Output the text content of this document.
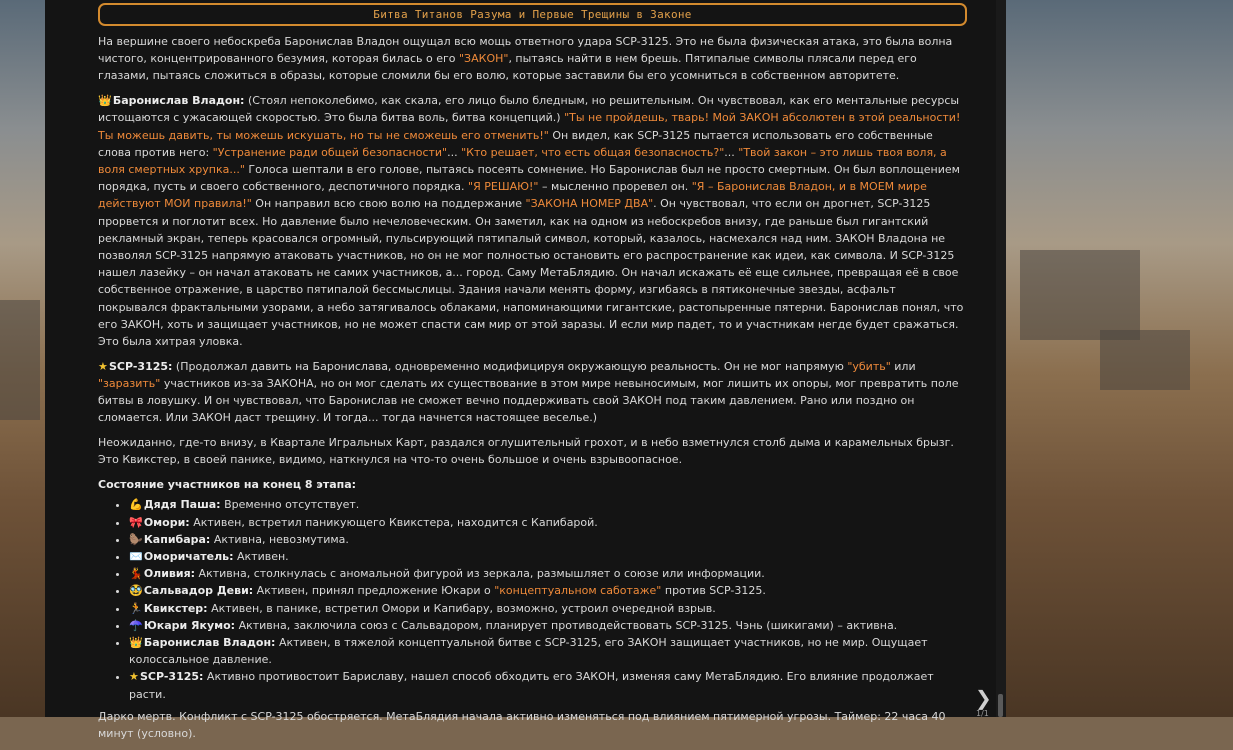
Битва Титанов Разума и Первые Трещины в Законе

На вершине своего небоскреба Баронислав Владон ощущал всю мощь ответного удара SCP-3125. Это не была физическая атака, это была волна чистого, концентрированного безумия, которая билась о его "ЗАКОН", пытаясь найти в нем брешь. Пятипалые символы плясали перед его глазами, пытаясь сложиться в образы, которые сломили бы его волю, которые заставили бы его усомниться в собственном авторитете.

👑 Баронислав Владон: (Стоял непоколебимо, как скала, его лицо было бледным, но решительным. Он чувствовал, как его ментальные ресурсы истощаются с ужасающей скоростью. Это была битва воль, битва концепций.) "Ты не пройдешь, тварь! Мой ЗАКОН абсолютен в этой реальности! Ты можешь давить, ты можешь искушать, но ты не сможешь его отменить!" Он видел, как SCP-3125 пытается использовать его собственные слова против него: "Устранение ради общей безопасности"... "Кто решает, что есть общая безопасность?"... "Твой закон – это лишь твоя воля, а воля смертных хрупка..." Голоса шептали в его голове, пытаясь посеять сомнение. Но Баронислав был не просто смертным. Он был воплощением порядка, пусть и своего собственного, деспотичного порядка. "Я РЕШАЮ!" – мысленно проревел он. "Я – Баронислав Владон, и в МОЕМ мире действуют МОИ правила!" Он направил всю свою волю на поддержание "ЗАКОНА НОМЕР ДВА". Он чувствовал, что если он дрогнет, SCP-3125 прорвется и поглотит всех. Но давление было нечеловеческим. Он заметил, как на одном из небоскребов внизу, где раньше был гигантский рекламный экран, теперь красовался огромный, пульсирующий пятипалый символ, который, казалось, насмехался над ним. ЗАКОН Владона не позволял SCP-3125 напрямую атаковать участников, но он не мог полностью остановить его распространение как идеи, как символа. И SCP-3125 нашел лазейку – он начал атаковать не самих участников, а... город. Саму МетаБлядию. Он начал искажать её еще сильнее, превращая её в свое собственное отражение, в царство пятипалой бессмыслицы. Здания начали менять форму, изгибаясь в пятиконечные звезды, асфальт покрывался фрактальными узорами, а небо затягивалось облаками, напоминающими гигантские, растопыренные пятерни. Баронислав понял, что его ЗАКОН, хоть и защищает участников, но не может спасти сам мир от этой заразы. И если мир падет, то и участникам негде будет сражаться. Это была хитрая уловка.

★ SCP-3125: (Продолжал давить на Баронислава, одновременно модифицируя окружающую реальность. Он не мог напрямую "убить" или "заразить" участников из-за ЗАКОНА, но он мог сделать их существование в этом мире невыносимым, мог лишить их опоры, мог превратить поле битвы в ловушку. И он чувствовал, что Баронислав не сможет вечно поддерживать свой ЗАКОН под таким давлением. Рано или поздно он сломается. Или ЗАКОН даст трещину. И тогда... тогда начнется настоящее веселье.)

Неожиданно, где-то внизу, в Квартале Игральных Карт, раздался оглушительный грохот, и в небо взметнулся столб дыма и карамельных брызг. Это Квикстер, в своей панике, видимо, наткнулся на что-то очень большое и очень взрывоопасное.

Состояние участников на конец 8 этапа:

• 💪 Дядя Паша: Временно отсутствует.
• 🎀 Омори: Активен, встретил паникующего Квикстера, находится с Капибарой.
• 🦫 Капибара: Активна, невозмутима.
• ✉️ Оморичатель: Активен.
• 💃 Оливия: Активна, столкнулась с аномальной фигурой из зеркала, размышляет о союзе или информации.
• 🥸 Сальвадор Деви: Активен, принял предложение Юкари о "концептуальном саботаже" против SCP-3125.
• 🏃 Квикстер: Активен, в панике, встретил Омори и Капибару, возможно, устроил очередной взрыв.
• ☂️ Юкари Якумо: Активна, заключила союз с Сальвадором, планирует противодействовать SCP-3125. Чэнь (шикигами) – активна.
• 👑 Баронислав Владон: Активен, в тяжелой концептуальной битве с SCP-3125, его ЗАКОН защищает участников, но не мир. Ощущает колоссальное давление.
• ★ SCP-3125: Активно противостоит Бариславу, нашел способ обходить его ЗАКОН, изменяя саму МетаБлядию. Его влияние продолжает расти.

Дарко мертв. Конфликт с SCP-3125 обостряется. МетаБлядия начала активно изменяться под влиянием пятимерной угрозы. Таймер: 22 часа 40 минут (условно).

❯
1/1
